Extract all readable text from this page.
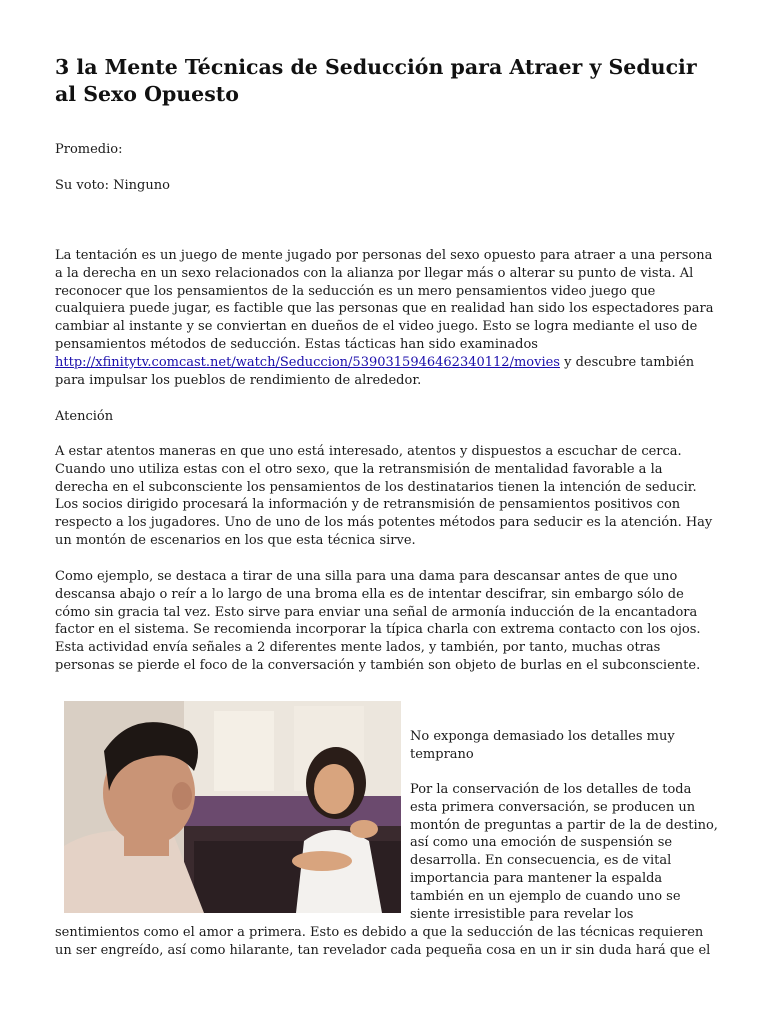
3 la Mente Técnicas de Seducción para Atraer y Seducir al Sexo Opuesto

Promedio:

Su voto: Ninguno

La tentación es un juego de mente jugado por personas del sexo opuesto para atraer a una persona a la derecha en un sexo relacionados con la alianza por llegar más o alterar su punto de vista. Al reconocer que los pensamientos de la seducción es un mero pensamientos video juego que cualquiera puede jugar, es factible que las personas que en realidad han sido los espectadores para cambiar al instante y se conviertan en dueños de el video juego. Esto se logra mediante el uso de pensamientos métodos de seducción. Estas tácticas han sido examinados http://xfinitytv.comcast.net/watch/Seduccion/5390315946462340112/movies y descubre también para impulsar los pueblos de rendimiento de alrededor.

Atención

A estar atentos maneras en que uno está interesado, atentos y dispuestos a escuchar de cerca. Cuando uno utiliza estas con el otro sexo, que la retransmisión de mentalidad favorable a la derecha en el subconsciente los pensamientos de los destinatarios tienen la intención de seducir. Los socios dirigido procesará la información y de retransmisión de pensamientos positivos con respecto a los jugadores. Uno de uno de los más potentes métodos para seducir es la atención. Hay un montón de escenarios en los que esta técnica sirve.

Como ejemplo, se destaca a tirar de una silla para una dama para descansar antes de que uno descansa abajo o reír a lo largo de una broma ella es de intentar descifrar, sin embargo sólo de cómo sin gracia tal vez. Esto sirve para enviar una señal de armonía inducción de la encantadora factor en el sistema. Se recomienda incorporar la típica charla con extrema contacto con los ojos. Esta actividad envía señales a 2 diferentes mente lados, y también, por tanto, muchas otras personas se pierde el foco de la conversación y también son objeto de burlas en el subconsciente.

No exponga demasiado los detalles muy temprano

Por la conservación de los detalles de toda esta primera conversación, se producen un montón de preguntas a partir de la de destino, así como una emoción de suspensión se desarrolla. En consecuencia, es de vital importancia para mantener la espalda también en un ejemplo de cuando uno se siente irresistible para revelar los

sentimientos como el amor a primera. Esto es debido a que la seducción de las técnicas requieren un ser engreído, así como hilarante, tan revelador cada pequeña cosa en un ir sin duda hará que el
